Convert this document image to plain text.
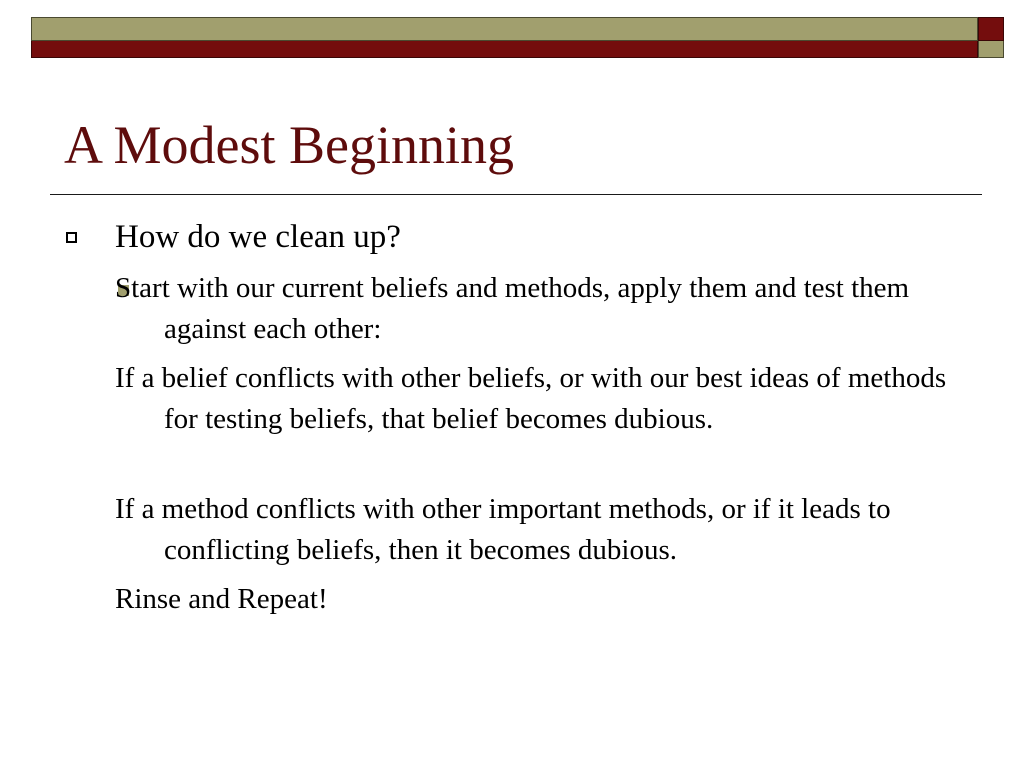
A Modest Beginning
How do we clean up?
Start with our current beliefs and methods, apply them and test them against each other:
If a belief conflicts with other beliefs, or with our best ideas of methods for testing beliefs, that belief becomes dubious.
If a method conflicts with other important methods, or if it leads to conflicting beliefs, then it becomes dubious.
Rinse and Repeat!
